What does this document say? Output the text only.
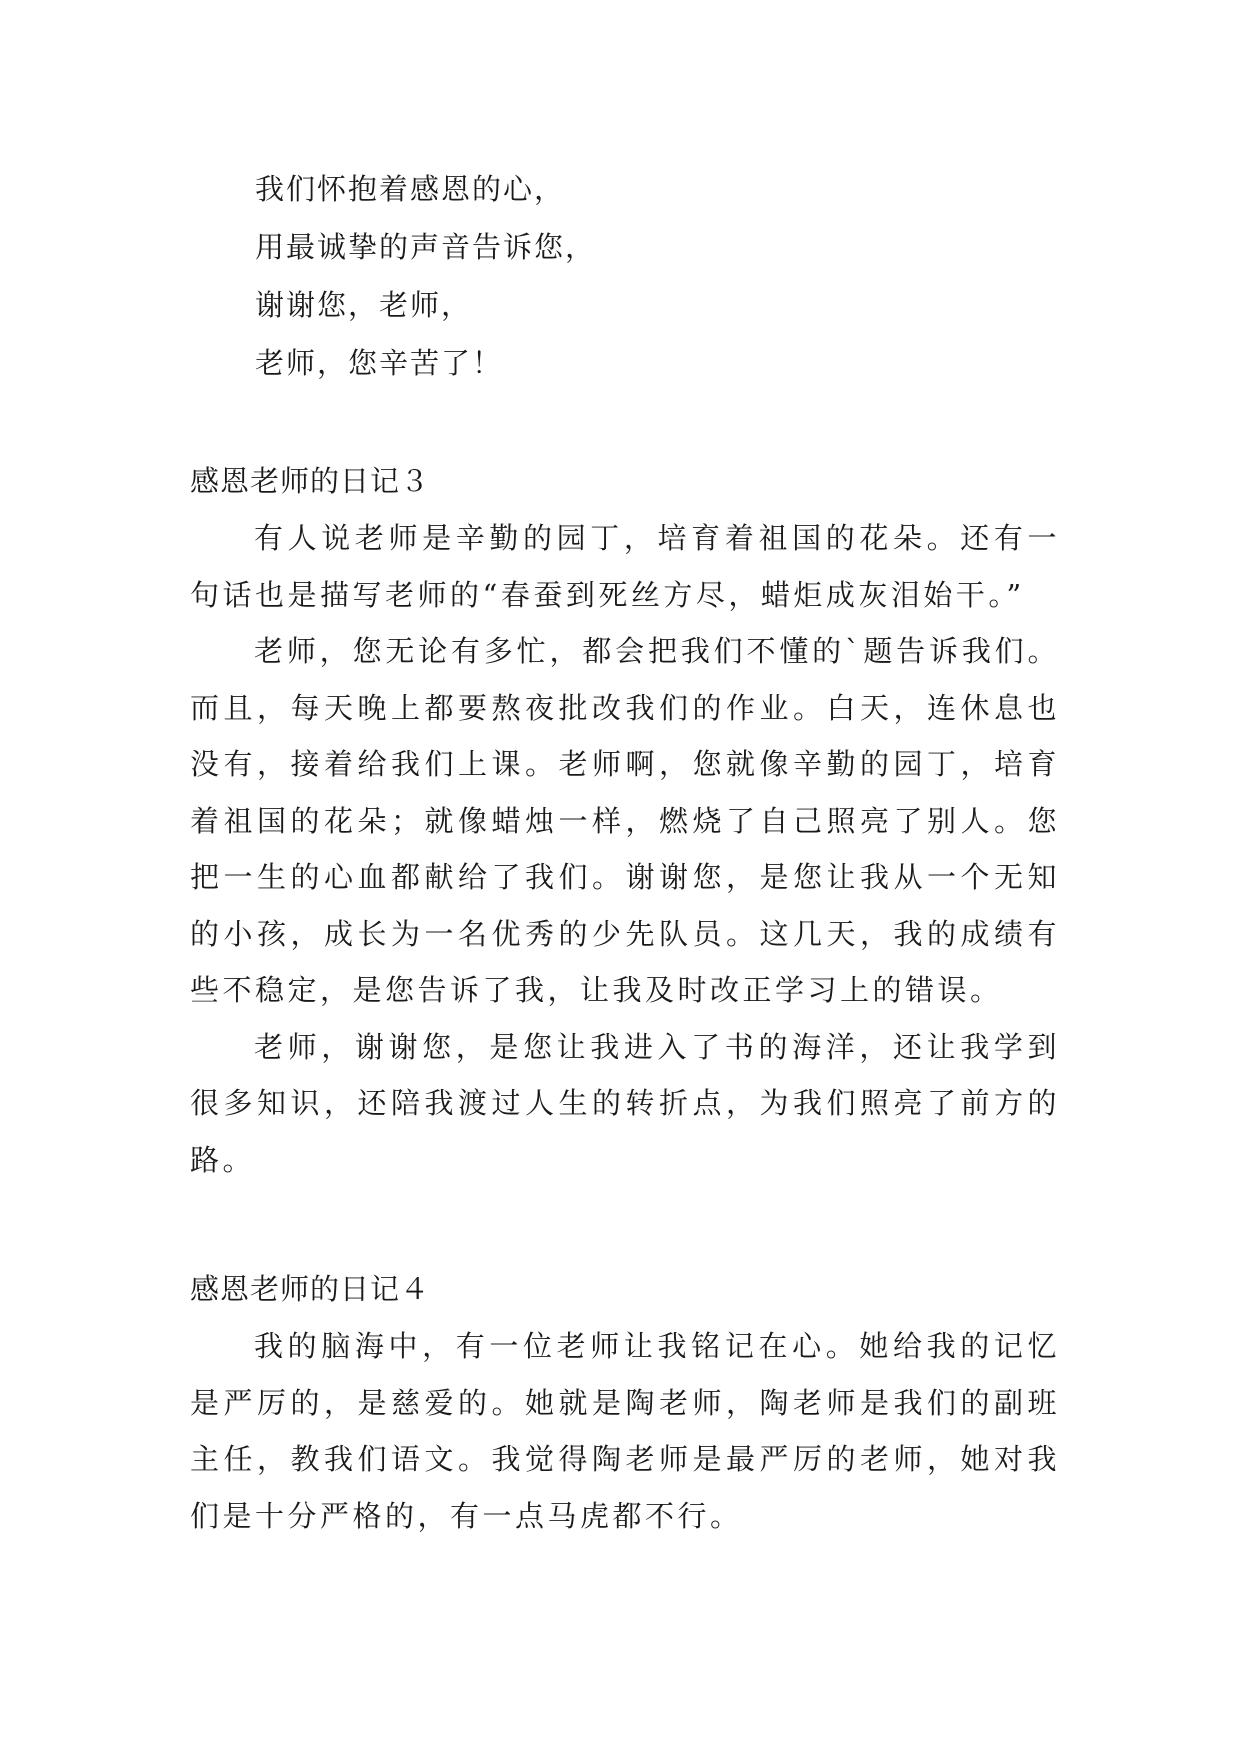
我们怀抱着感恩的心，
用最诚挚的声音告诉您，
谢谢您，老师，
老师，您辛苦了！
感恩老师的日记３

有人说老师是辛勤的园丁，培育着祖国的花朵。还有一句话也是描写老师的“春蚕到死丝方尽，蜡炬成灰泪始干。”

老师，您无论有多忙，都会把我们不懂的`题告诉我们。而且，每天晚上都要熬夜批改我们的作业。白天，连休息也没有，接着给我们上课。老师啊，您就像辛勤的园丁，培育着祖国的花朵；就像蜡烛一样，燃烧了自己照亮了别人。您把一生的心血都献给了我们。谢谢您，是您让我从一个无知的小孩，成长为一名优秀的少先队员。这几天，我的成绩有些不稳定，是您告诉了我，让我及时改正学习上的错误。

老师，谢谢您，是您让我进入了书的海洋，还让我学到很多知识，还陪我渡过人生的转折点，为我们照亮了前方的路。

感恩老师的日记４

我的脑海中，有一位老师让我铭记在心。她给我的记忆是严厉的，是慈爱的。她就是陶老师，陶老师是我们的副班主任，教我们语文。我觉得陶老师是最严厉的老师，她对我们是十分严格的，有一点马虎都不行。
